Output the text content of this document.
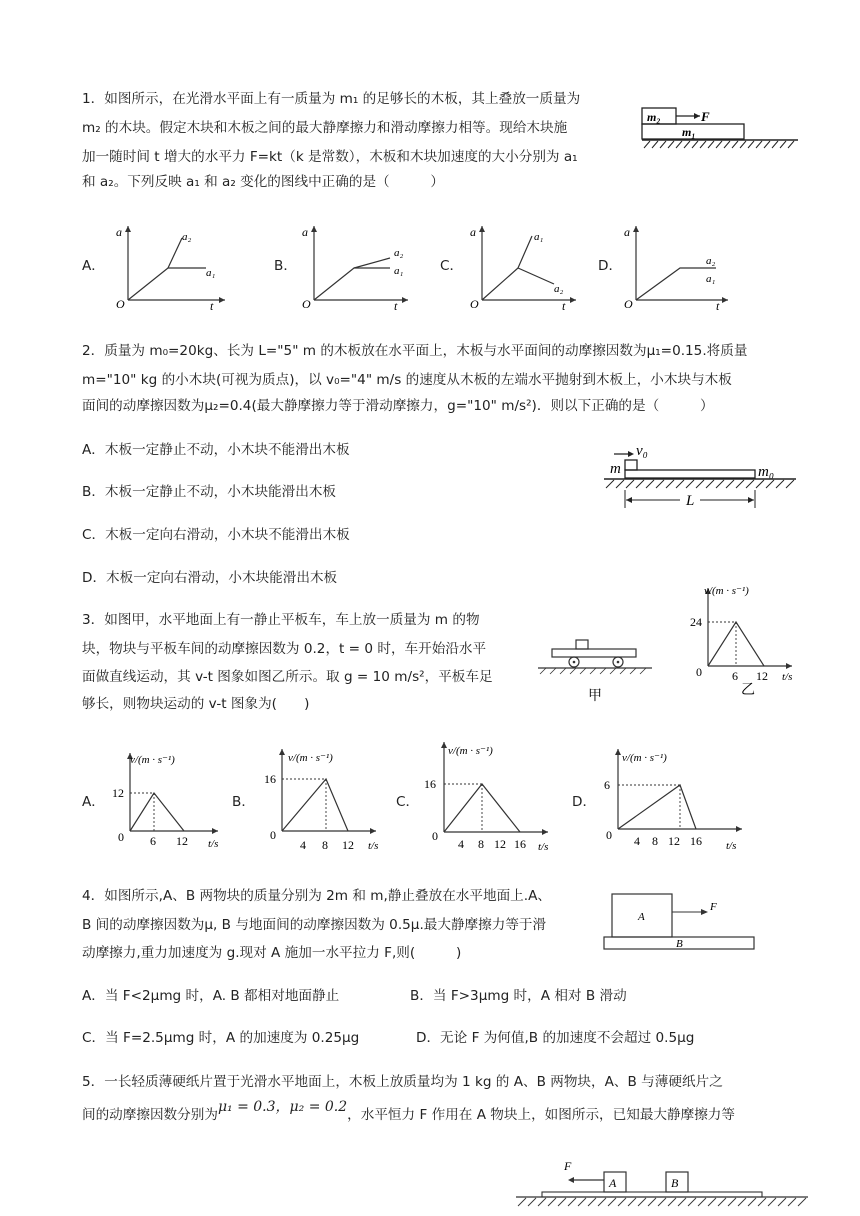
1．如图所示，在光滑水平面上有一质量为 m₁ 的足够长的木板，其上叠放一质量为
m₂ 的木块。假定木块和木板之间的最大静摩擦力和滑动摩擦力相等。现给木块施
加一随时间 t 增大的水平力 F=kt（k 是常数），木板和木块加速度的大小分别为 a₁
和 a₂。下列反映 a₁ 和 a₂ 变化的图线中正确的是（　　　）
m₂	F
m₁
A．
a
t
O
a₂
a₁	B．
a
t
O
a₂
a₁	C．
a
t
O
a₁
a₂
D．
a
t
O
a₂
a₁
2．质量为 m₀=20kg、长为 L="5" m 的木板放在水平面上，木板与水平面间的动摩擦因数为μ₁=0.15.将质量
m="10" kg 的小木块(可视为质点)，以 v₀="4" m/s 的速度从木板的左端水平抛射到木板上，小木块与木板
面间的动摩擦因数为μ₂=0.4(最大静摩擦力等于滑动摩擦力，g="10" m/s²)．则以下正确的是（　　　）
A．木板一定静止不动，小木块不能滑出木板
B．木板一定静止不动，小木块能滑出木板
C．木板一定向右滑动，小木块不能滑出木板
D．木板一定向右滑动，小木块能滑出木板
m
v₀
m₀
L
3．如图甲，水平地面上有一静止平板车，车上放一质量为 m 的物
块，物块与平板车间的动摩擦因数为 0.2，t = 0 时，车开始沿水平
面做直线运动，其 v-t 图象如图乙所示。取 g = 10 m/s²，平板车足
够长，则物块运动的 v-t 图象为(　　)	甲
v/(m · s⁻¹)
t/s
0
24
6 12
乙
A．
v/(m · s⁻¹)
t/s
0
12
6 12
B．
v/(m · s⁻¹)
t/s
0
16
4 8 12
C．
v/(m · s⁻¹)
t/s
0
16
4 8 12 16
D．
v/(m · s⁻¹)
t/s
0
6
4 8 12 16
4．如图所示,A、B 两物块的质量分别为 2m 和 m,静止叠放在水平地面上.A、
B 间的动摩擦因数为μ, B 与地面间的动摩擦因数为 0.5μ.最大静摩擦力等于滑
动摩擦力,重力加速度为 g.现对 A 施加一水平拉力 F,则(　　　)
A
F
B
A．当 F<2μmg 时，A. B 都相对地面静止	B．当 F>3μmg 时，A 相对 B 滑动
C．当 F=2.5μmg 时，A 的加速度为 0.25μg	D．无论 F 为何值,B 的加速度不会超过 0.5μg
5．一长轻质薄硬纸片置于光滑水平地面上，木板上放质量均为 1 kg 的 A、B 两物块，A、B 与薄硬纸片之
间的动摩擦因数分别为μ₁ = 0.3，μ₂ = 0.2，水平恒力 F 作用在 A 物块上，如图所示，已知最大静摩擦力等
F
A	B
